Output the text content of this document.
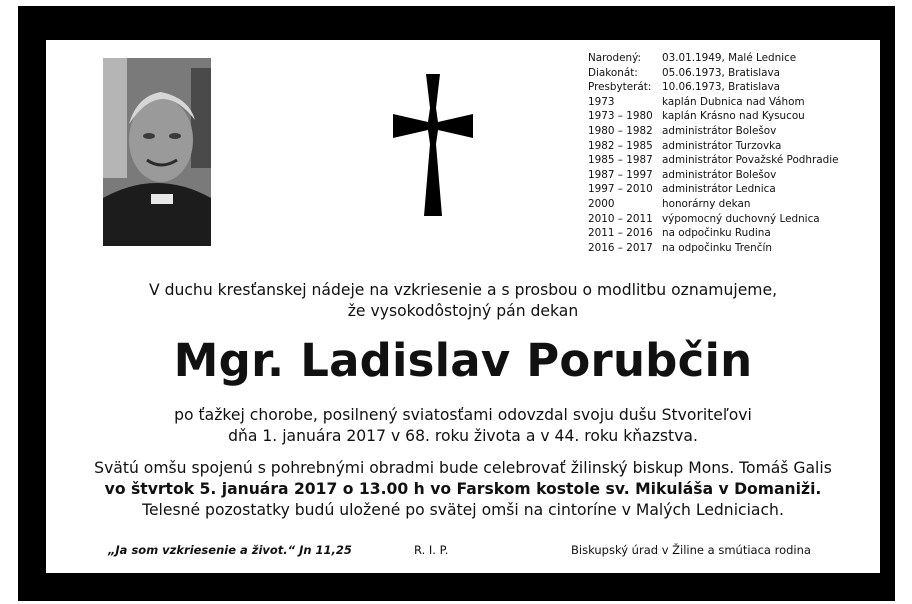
Narodený:	03.01.1949, Malé Lednice
Diakonát:	05.06.1973, Bratislava
Presbyterát:	10.06.1973, Bratislava
1973	kaplán Dubnica nad Váhom
1973 – 1980 kaplán Krásno nad Kysucou
1980 – 1982 administrátor Bolešov
1982 – 1985 administrátor Turzovka
1985 – 1987 administrátor Považské Podhradie
1987 – 1997 administrátor Bolešov
1997 – 2010 administrátor Lednica
2000	honorárny dekan
2010 – 2011 výpomocný duchovný Lednica
2011 – 2016 na odpočinku Rudina
2016 – 2017 na odpočinku Trenčín
V duchu kresťanskej nádeje na vzkriesenie a s prosbou o modlitbu oznamujeme,
že vysokodôstojný pán dekan
Mgr. Ladislav Porubčin
po ťažkej chorobe, posilnený sviatosťami odovzdal svoju dušu Stvoriteľovi
dňa 1. januára 2017 v 68. roku života a v 44. roku kňazstva.
Svätú omšu spojenú s pohrebnými obradmi bude celebrovať žilinský biskup Mons. Tomáš Galis
vo štvrtok 5. januára 2017 o 13.00 h vo Farskom kostole sv. Mikuláša v Domaniži.
Telesné pozostatky budú uložené po svätej omši na cintoríne v Malých Ledniciach.
„Ja som vzkriesenie a život.“ Jn 11,25	R. I. P.	Biskupský úrad v Žiline a smútiaca rodina
